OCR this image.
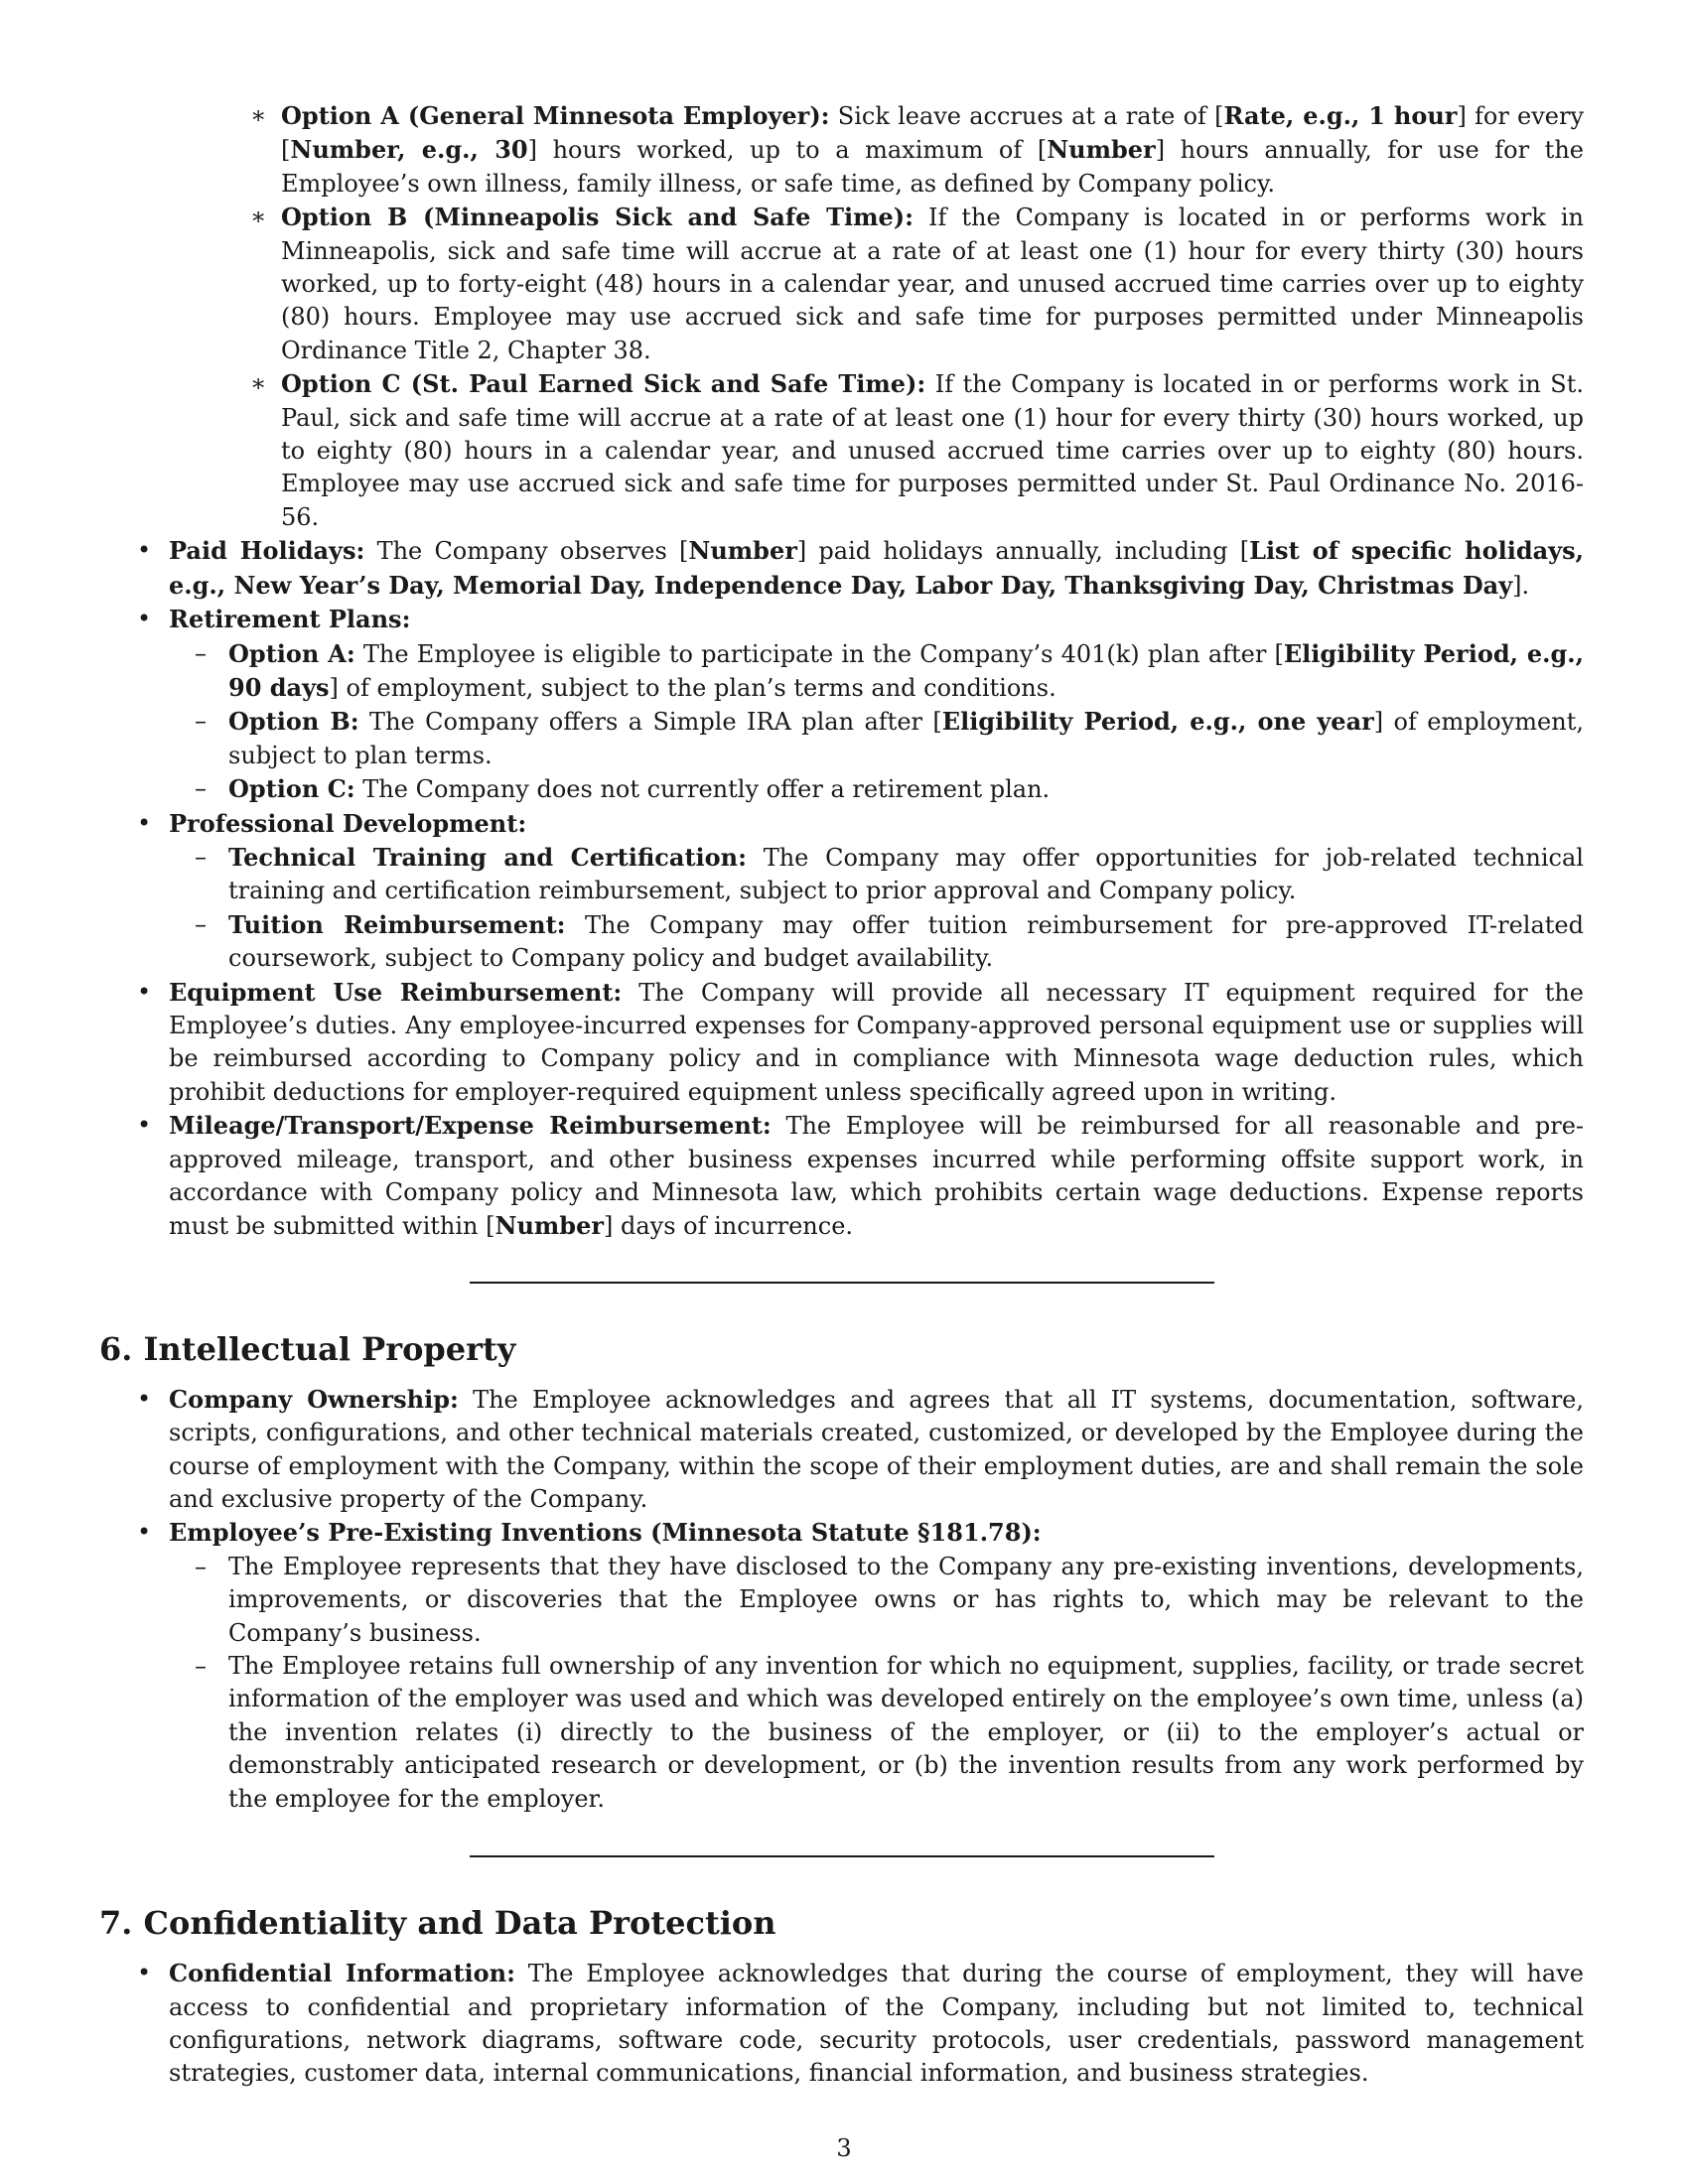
∗ Option A (General Minnesota Employer): Sick leave accrues at a rate of [Rate, e.g., 1 hour] for every [Number, e.g., 30] hours worked, up to a maximum of [Number] hours annually, for use for the Employee’s own illness, family illness, or safe time, as defined by Company policy.

∗ Option B (Minneapolis Sick and Safe Time): If the Company is located in or performs work in Minneapolis, sick and safe time will accrue at a rate of at least one (1) hour for every thirty (30) hours worked, up to forty-eight (48) hours in a calendar year, and unused accrued time carries over up to eighty (80) hours. Employee may use accrued sick and safe time for purposes permitted under Minneapolis Ordinance Title 2, Chapter 38.

∗ Option C (St. Paul Earned Sick and Safe Time): If the Company is located in or performs work in St. Paul, sick and safe time will accrue at a rate of at least one (1) hour for every thirty (30) hours worked, up to eighty (80) hours in a calendar year, and unused accrued time carries over up to eighty (80) hours. Employee may use accrued sick and safe time for purposes permitted under St. Paul Ordinance No. 2016-56.

• Paid Holidays: The Company observes [Number] paid holidays annually, including [List of specific holidays, e.g., New Year’s Day, Memorial Day, Independence Day, Labor Day, Thanksgiving Day, Christmas Day].

• Retirement Plans:

– Option A: The Employee is eligible to participate in the Company’s 401(k) plan after [Eligibility Period, e.g., 90 days] of employment, subject to the plan’s terms and conditions.

– Option B: The Company offers a Simple IRA plan after [Eligibility Period, e.g., one year] of employment, subject to plan terms.

– Option C: The Company does not currently offer a retirement plan.

• Professional Development:

– Technical Training and Certification: The Company may offer opportunities for job-related technical training and certification reimbursement, subject to prior approval and Company policy.

– Tuition Reimbursement: The Company may offer tuition reimbursement for pre-approved IT-related coursework, subject to Company policy and budget availability.

• Equipment Use Reimbursement: The Company will provide all necessary IT equipment required for the Employee’s duties. Any employee-incurred expenses for Company-approved personal equipment use or supplies will be reimbursed according to Company policy and in compliance with Minnesota wage deduction rules, which prohibit deductions for employer-required equipment unless specifically agreed upon in writing.

• Mileage/Transport/Expense Reimbursement: The Employee will be reimbursed for all reasonable and pre-approved mileage, transport, and other business expenses incurred while performing offsite support work, in accordance with Company policy and Minnesota law, which prohibits certain wage deductions. Expense reports must be submitted within [Number] days of incurrence.

6. Intellectual Property
• Company Ownership: The Employee acknowledges and agrees that all IT systems, documentation, software, scripts, configurations, and other technical materials created, customized, or developed by the Employee during the course of employment with the Company, within the scope of their employment duties, are and shall remain the sole and exclusive property of the Company.

• Employee’s Pre-Existing Inventions (Minnesota Statute §181.78):

– The Employee represents that they have disclosed to the Company any pre-existing inventions, developments, improvements, or discoveries that the Employee owns or has rights to, which may be relevant to the Company’s business.

– The Employee retains full ownership of any invention for which no equipment, supplies, facility, or trade secret information of the employer was used and which was developed entirely on the employee’s own time, unless (a) the invention relates (i) directly to the business of the employer, or (ii) to the employer’s actual or demonstrably anticipated research or development, or (b) the invention results from any work performed by the employee for the employer.

7. Confidentiality and Data Protection
• Confidential Information: The Employee acknowledges that during the course of employment, they will have access to confidential and proprietary information of the Company, including but not limited to, technical configurations, network diagrams, software code, security protocols, user credentials, password management strategies, customer data, internal communications, financial information, and business strategies.

3
